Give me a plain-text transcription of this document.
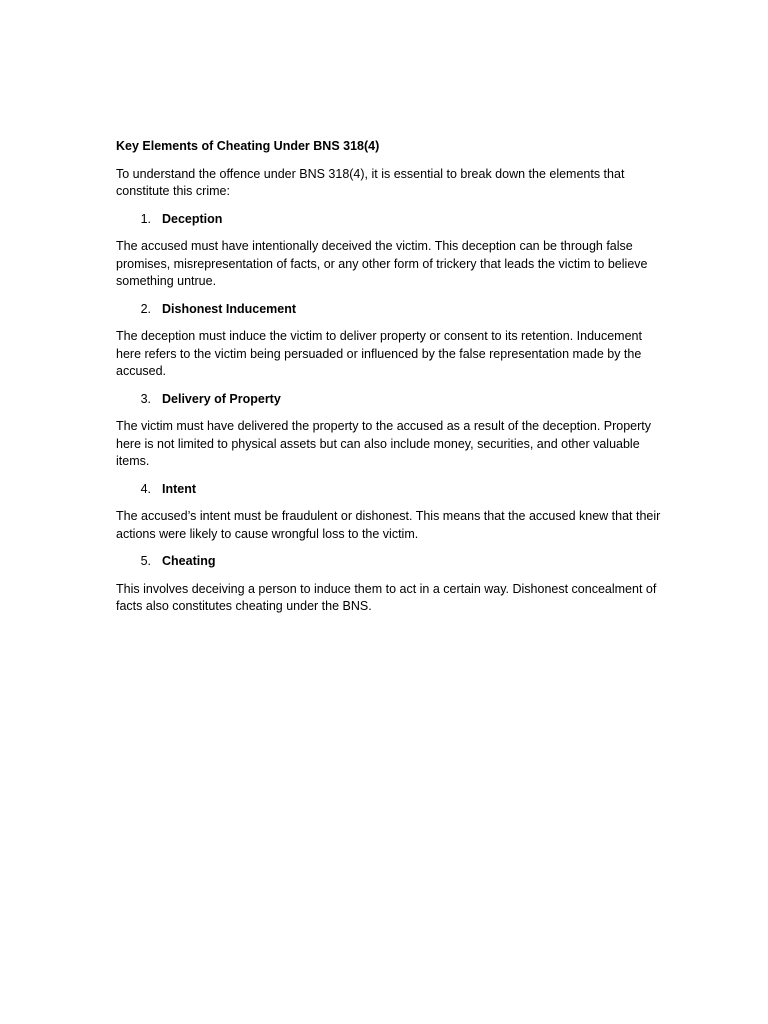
Key Elements of Cheating Under BNS 318(4)

To understand the offence under BNS 318(4), it is essential to break down the elements that constitute this crime:

1. Deception

The accused must have intentionally deceived the victim. This deception can be through false promises, misrepresentation of facts, or any other form of trickery that leads the victim to believe something untrue.

2. Dishonest Inducement

The deception must induce the victim to deliver property or consent to its retention. Inducement here refers to the victim being persuaded or influenced by the false representation made by the accused.

3. Delivery of Property

The victim must have delivered the property to the accused as a result of the deception. Property here is not limited to physical assets but can also include money, securities, and other valuable items.

4. Intent

The accused’s intent must be fraudulent or dishonest. This means that the accused knew that their actions were likely to cause wrongful loss to the victim.

5. Cheating

This involves deceiving a person to induce them to act in a certain way. Dishonest concealment of facts also constitutes cheating under the BNS.
